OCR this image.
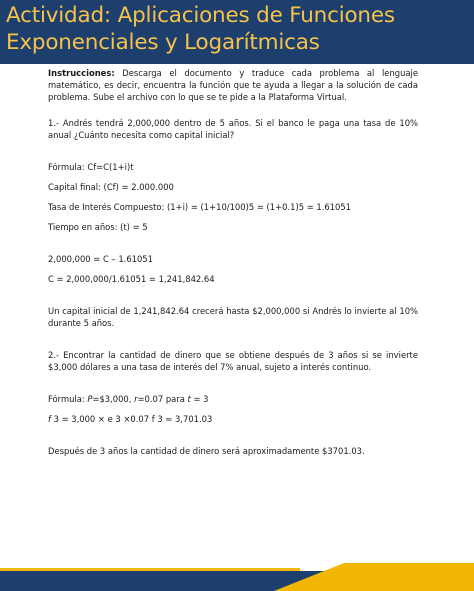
Actividad: Aplicaciones de Funciones
Exponenciales y Logarítmicas

Instrucciones: Descarga el documento y traduce cada problema al lenguaje matemático, es decir, encuentra la función que te ayuda a llegar a la solución de cada problema. Sube el archivo con lo que se te pide a la Plataforma Virtual.

1.- Andrés tendrá 2,000,000 dentro de 5 años. Si el banco le paga una tasa de 10% anual ¿Cuánto necesita como capital inicial?

Fórmula: Cf=C(1+i)t

Capital final: (Cf) = 2.000.000

Tasa de Interés Compuesto: (1+i) = (1+10/100)5 = (1+0.1)5 = 1.61051

Tiempo en años: (t) = 5

2,000,000 = C – 1.61051

C = 2,000,000/1.61051 = 1,241,842.64

Un capital inicial de 1,241,842.64 crecerá hasta $2,000,000 si Andrés lo invierte al 10% durante 5 años.

2.- Encontrar la cantidad de dinero que se obtiene después de 3 años si se invierte $3,000 dólares a una tasa de interés del 7% anual, sujeto a interés continuo.

Fórmula: P=$3,000, r=0.07 para t = 3

f 3 = 3,000 × e 3 ×0.07 f 3 ≈ 3,701.03

Después de 3 años la cantidad de dinero será aproximadamente $3701.03.
